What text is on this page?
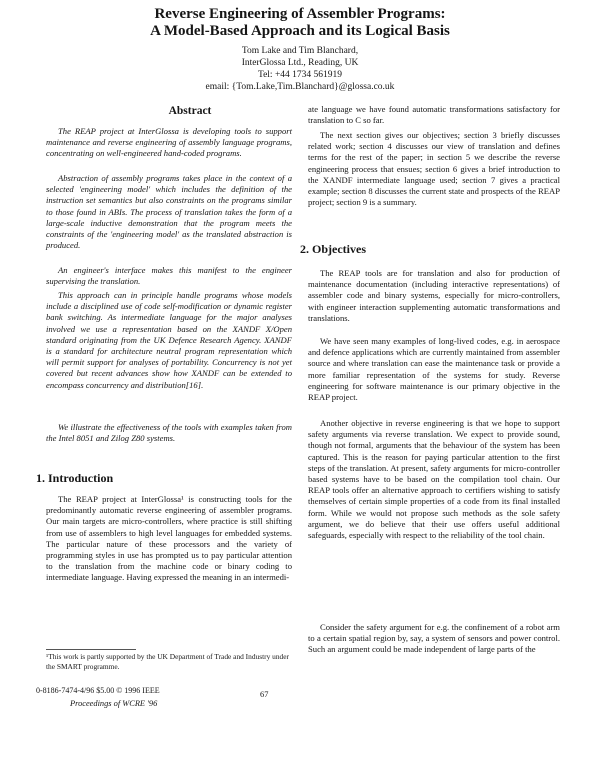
Reverse Engineering of Assembler Programs:
A Model-Based Approach and its Logical Basis
Tom Lake and Tim Blanchard,
InterGlossa Ltd., Reading, UK
Tel: +44 1734 561919
email: {Tom.Lake,Tim.Blanchard}@glossa.co.uk
Abstract

The REAP project at InterGlossa is developing tools to support maintenance and reverse engineering of assembly language programs, concentrating on well-engineered hand-coded programs.

Abstraction of assembly programs takes place in the context of a selected 'engineering model' which includes the definition of the instruction set semantics but also constraints on the programs similar to those found in ABIs. The process of translation takes the form of a large-scale inductive demonstration that the program meets the constraints of the 'engineering model' as the translated abstraction is produced.

An engineer's interface makes this manifest to the engineer supervising the translation.

This approach can in principle handle programs whose models include a disciplined use of code self-modification or dynamic register bank switching. As intermediate language for the major analyses involved we use a representation based on the XANDF X/Open standard originating from the UK Defence Research Agency. XANDF is a standard for architecture neutral program representation which will permit support for analyses of portability. Concurrency is not yet covered but recent advances show how XANDF can be extended to encompass concurrency and distribution[16].

We illustrate the effectiveness of the tools with examples taken from the Intel 8051 and Zilog Z80 systems.

1. Introduction

The REAP project at InterGlossa¹ is constructing tools for the predominantly automatic reverse engineering of assembler programs. Our main targets are micro-controllers, where practice is still shifting from use of assemblers to high level languages for embedded systems. The particular nature of these processors and the variety of programming styles in use has prompted us to pay particular attention to the translation from the machine code or binary coding to intermediate language. Having expressed the meaning in an intermedi-

¹This work is partly supported by the UK Department of Trade and Industry under the SMART programme.

0-8186-7474-4/96 $5.00 © 1996 IEEE
Proceedings of WCRE '96
67

ate language we have found automatic transformations satisfactory for translation to C so far.

The next section gives our objectives; section 3 briefly discusses related work; section 4 discusses our view of translation and defines terms for the rest of the paper; in section 5 we describe the reverse engineering process that ensues; section 6 gives a brief introduction to the XANDF intermediate language used; section 7 gives a practical example; section 8 discusses the current state and prospects of the REAP project; section 9 is a summary.

2. Objectives

The REAP tools are for translation and also for production of maintenance documentation (including interactive representations) of assembler code and binary systems, especially for micro-controllers, with engineer interaction supplementing automatic transformations and translations.

We have seen many examples of long-lived codes, e.g. in aerospace and defence applications which are currently maintained from assembler source and where translation can ease the maintenance task or provide a more familiar representation of the systems for study. Reverse engineering for software maintenance is our primary objective in the REAP project.

Another objective in reverse engineering is that we hope to support safety arguments via reverse translation. We expect to provide sound, though not formal, arguments that the behaviour of the system has been captured. This is the reason for paying particular attention to the first steps of the translation. At present, safety arguments for micro-controller based systems have to be based on the compilation tool chain. Our REAP tools offer an alternative approach to certifiers wishing to satisfy themselves of certain simple properties of a code from its final installed form. While we would not propose such methods as the sole safety argument, we do believe that their use offers useful additional safeguards, especially with respect to the reliability of the tool chain.

Consider the safety argument for e.g. the confinement of a robot arm to a certain spatial region by, say, a system of sensors and power control. Such an argument could be made independent of large parts of the
